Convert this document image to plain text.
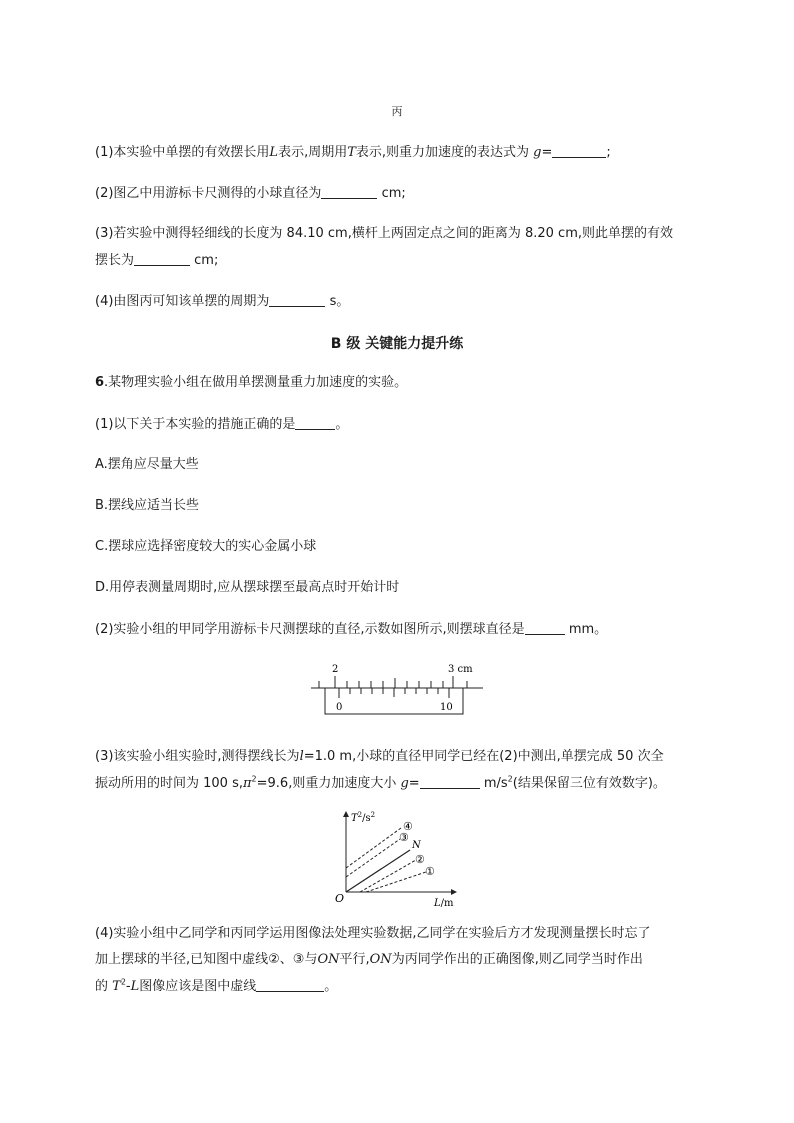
丙
(1)本实验中单摆的有效摆长用L表示,周期用T表示,则重力加速度的表达式为 g=	;
(2)图乙中用游标卡尺测得的小球直径为	cm;
(3)若实验中测得轻细线的长度为 84.10 cm,横杆上两固定点之间的距离为 8.20 cm,则此单摆的有效
摆长为	cm;
(4)由图丙可知该单摆的周期为	s。
B 级 关键能力提升练
6.某物理实验小组在做用单摆测量重力加速度的实验。
(1)以下关于本实验的措施正确的是	。
A.摆角应尽量大些
B.摆线应适当长些
C.摆球应选择密度较大的实心金属小球
D.用停表测量周期时,应从摆球摆至最高点时开始计时
(2)实验小组的甲同学用游标卡尺测摆球的直径,示数如图所示,则摆球直径是	mm。
2	3 cm
0	10
(3)该实验小组实验时,测得摆线长为l=1.0 m,小球的直径甲同学已经在(2)中测出,单摆完成 50 次全
振动所用的时间为 100 $s,\pi^2=9.6$,则重力加速度大小 g=	$m/s^2$(结果保留三位有效数字)。
$T^2/s^2$
L/m
O
N
④
③
②
①
(4)实验小组中乙同学和丙同学运用图像法处理实验数据,乙同学在实验后方才发现测量摆长时忘了
加上摆球的半径,已知图中虚线②、③与ON平行,ON为丙同学作出的正确图像,则乙同学当时作出
的 $T^2-L$图像应该是图中虚线	。
